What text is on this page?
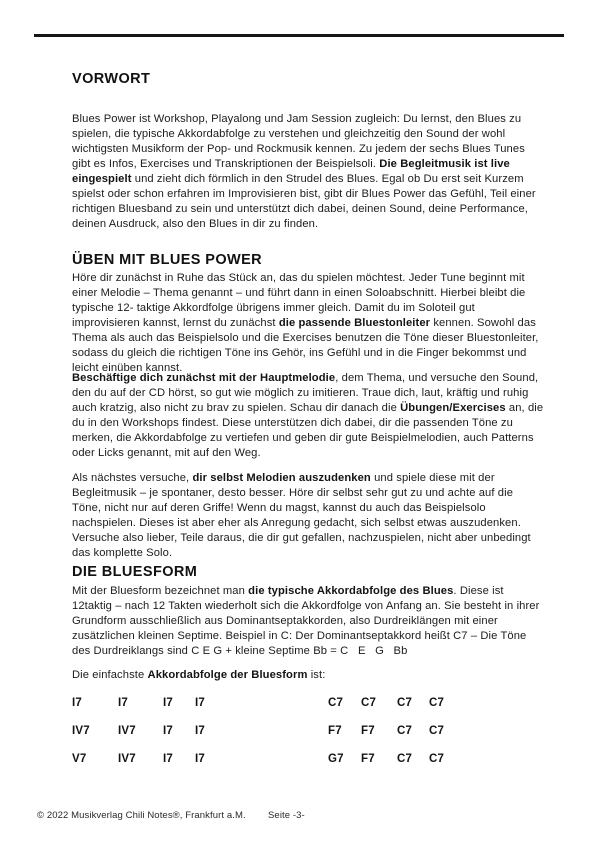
VORWORT
Blues Power ist Workshop, Playalong und Jam Session zugleich: Du lernst, den Blues zu spielen, die typische Akkordabfolge zu verstehen und gleichzeitig den Sound der wohl wichtigsten Musikform der Pop- und Rockmusik kennen. Zu jedem der sechs Blues Tunes gibt es Infos, Exercises und Transkriptionen der Beispielsoli. Die Begleitmusik ist live eingespielt und zieht dich förmlich in den Strudel des Blues. Egal ob Du erst seit Kurzem spielst oder schon erfahren im Improvisieren bist, gibt dir Blues Power das Gefühl, Teil einer richtigen Bluesband zu sein und unterstützt dich dabei, deinen Sound, deine Performance, deinen Ausdruck, also den Blues in dir zu finden.
ÜBEN MIT BLUES POWER
Höre dir zunächst in Ruhe das Stück an, das du spielen möchtest. Jeder Tune beginnt mit einer Melodie – Thema genannt – und führt dann in einen Soloabschnitt. Hierbei bleibt die typische 12- taktige Akkordfolge übrigens immer gleich. Damit du im Soloteil gut improvisieren kannst, lernst du zunächst die passende Bluestonleiter kennen. Sowohl das Thema als auch das Beispielsolo und die Exercises benutzen die Töne dieser Bluestonleiter, sodass du gleich die richtigen Töne ins Gehör, ins Gefühl und in die Finger bekommst und leicht einüben kannst.
Beschäftige dich zunächst mit der Hauptmelodie, dem Thema, und versuche den Sound, den du auf der CD hörst, so gut wie möglich zu imitieren. Traue dich, laut, kräftig und ruhig auch kratzig, also nicht zu brav zu spielen. Schau dir danach die Übungen/Exercises an, die du in den Workshops findest. Diese unterstützen dich dabei, dir die passenden Töne zu merken, die Akkordabfolge zu vertiefen und geben dir gute Beispielmelodien, auch Patterns oder Licks genannt, mit auf den Weg.
Als nächstes versuche, dir selbst Melodien auszudenken und spiele diese mit der Begleitmusik – je spontaner, desto besser. Höre dir selbst sehr gut zu und achte auf die Töne, nicht nur auf deren Griffe! Wenn du magst, kannst du auch das Beispielsolo nachspielen. Dieses ist aber eher als Anregung gedacht, sich selbst etwas auszudenken. Versuche also lieber, Teile daraus, die dir gut gefallen, nachzuspielen, nicht aber unbedingt das komplette Solo.
DIE BLUESFORM
Mit der Bluesform bezeichnet man die typische Akkordabfolge des Blues. Diese ist 12taktig – nach 12 Takten wiederholt sich die Akkordfolge von Anfang an. Sie besteht in ihrer Grundform ausschließlich aus Dominantseptakkorden, also Durdreiklängen mit einer zusätzlichen kleinen Septime. Beispiel in C: Der Dominantseptakkord heißt C7 – Die Töne des Durdreiklangs sind C E G + kleine Septime Bb = C   E   G   Bb
Die einfachste Akkordabfolge der Bluesform ist:
I7	I7	I7 I7	C7 C7 C7 C7
IV7 IV7 I7 I7	F7 F7 C7 C7
V7	IV7 I7 I7	G7 F7 C7 C7
© 2022 Musikverlag Chili Notes®, Frankfurt a.M. Seite -3-
